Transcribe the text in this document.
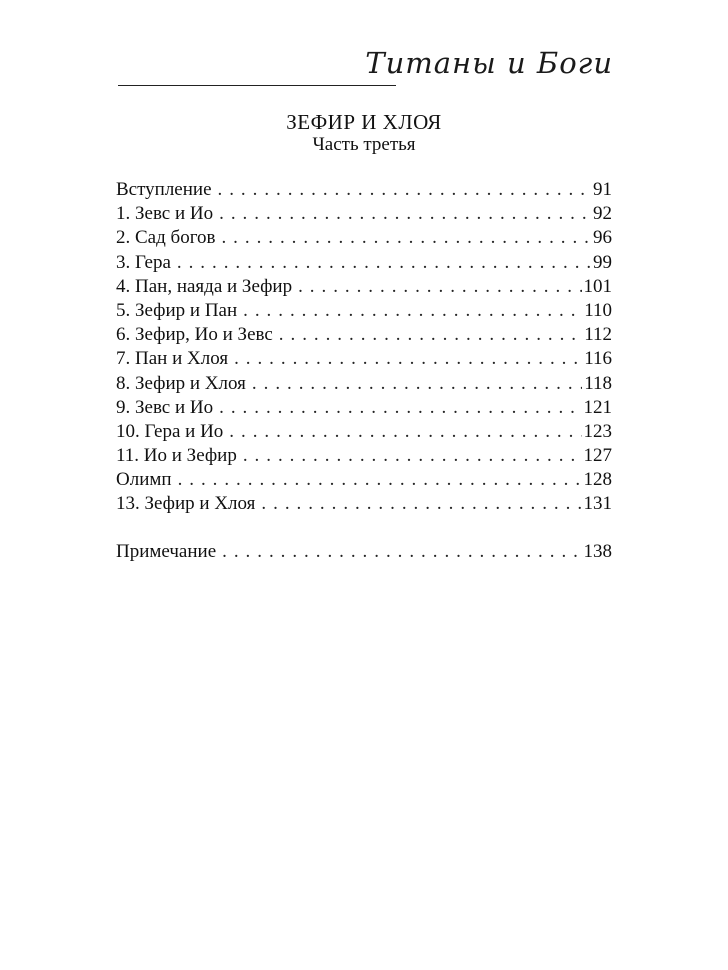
Титаны и Боги
ЗЕФИР И ХЛОЯ
Часть третья
Вступление . . .	91
1. Зевс и Ио . . .	92
2. Сад богов . . .	96
3. Гера . . .	99
4. Пан, наяда и Зефир . . .	101
5. Зефир и Пан . . .	110
6. Зефир, Ио и Зевс . . .	112
7. Пан и Хлоя . . .	116
8. Зефир и Хлоя . . .	118
9. Зевс и Ио . . .	121
10. Гера и Ио . . .	123
11. Ио и Зефир . . .	127
Олимп . . .	128
13. Зефир и Хлоя . . .	131
Примечание . . .	138
